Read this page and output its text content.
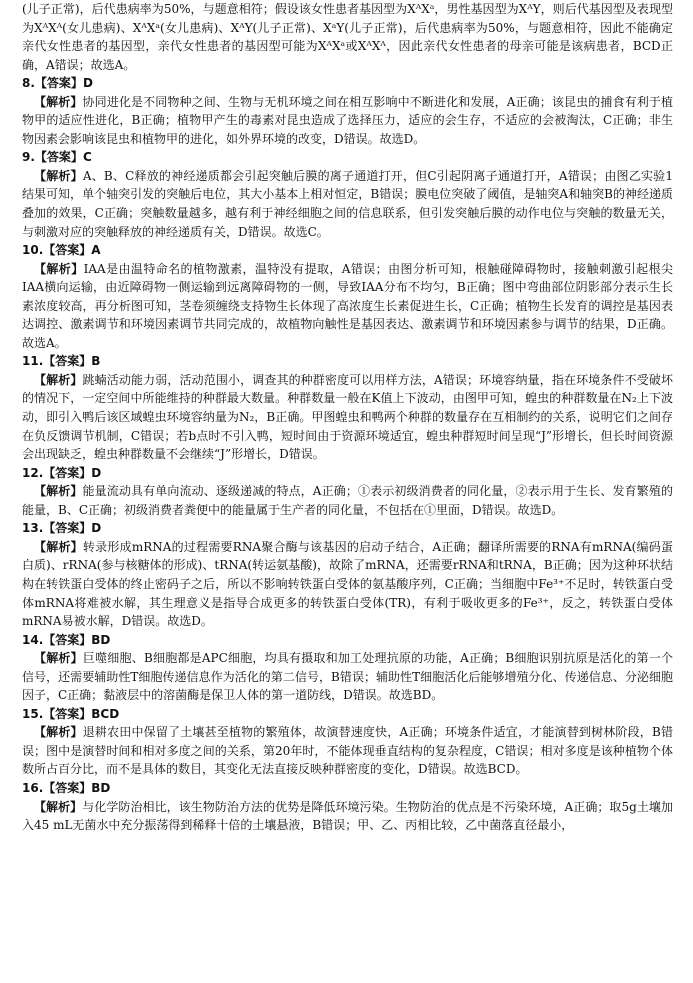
(儿子正常)，后代患病率为50%，与题意相符；假设该女性患者基因型为XᴬXᵃ，男性基因型为XᴬY，则后代基因型及表现型为XᴬXᴬ(女儿患病)、XᴬXᵃ(女儿患病)、XᴬY(儿子正常)、XᵃY(儿子正常)，后代患病率为50%，与题意相符，因此不能确定亲代女性患者的基因型，亲代女性患者的基因型可能为XᴬXᵃ或XᴬXᴬ，因此亲代女性患者的母亲可能是该病患者，BCD正确，A错误；故选A。

8.【答案】D

【解析】协同进化是不同物种之间、生物与无机环境之间在相互影响中不断进化和发展，A正确；该昆虫的捕食有利于植物甲的适应性进化，B正确；植物甲产生的毒素对昆虫造成了选择压力，适应的会生存，不适应的会被淘汰，C正确；非生物因素会影响该昆虫和植物甲的进化，如外界环境的改变，D错误。故选D。

9.【答案】C

【解析】A、B、C释放的神经递质都会引起突触后膜的离子通道打开，但C引起阴离子通道打开，A错误；由图乙实验1结果可知，单个轴突引发的突触后电位，其大小基本上相对恒定，B错误；膜电位突破了阈值，是轴突A和轴突B的神经递质叠加的效果，C正确；突触数量越多，越有利于神经细胞之间的信息联系，但引发突触后膜的动作电位与突触的数量无关，与刺激对应的突触释放的神经递质有关，D错误。故选C。

10.【答案】A

【解析】IAA是由温特命名的植物激素，温特没有提取，A错误；由图分析可知，根触碰障碍物时，接触刺激引起根尖IAA横向运输，由近障碍物一侧运输到远离障碍物的一侧，导致IAA分布不均匀，B正确；图中弯曲部位阴影部分表示生长素浓度较高，再分析图可知，茎卷须缠绕支持物生长体现了高浓度生长素促进生长，C正确；植物生长发育的调控是基因表达调控、激素调节和环境因素调节共同完成的，故植物向触性是基因表达、激素调节和环境因素参与调节的结果，D正确。故选A。

11.【答案】B

【解析】跳蝻活动能力弱，活动范围小，调查其的种群密度可以用样方法，A错误；环境容纳量，指在环境条件不受破坏的情况下，一定空间中所能维持的种群最大数量。种群数量一般在K值上下波动，由图甲可知，蝗虫的种群数量在N₂上下波动，即引入鸭后该区域蝗虫环境容纳量为N₂，B正确。甲图蝗虫和鸭两个种群的数量存在互相制约的关系，说明它们之间存在负反馈调节机制，C错误；若b点时不引入鸭，短时间由于资源环境适宜，蝗虫种群短时间呈现“J”形增长，但长时间资源会出现缺乏，蝗虫种群数量不会继续“J”形增长，D错误。

12.【答案】D

【解析】能量流动具有单向流动、逐级递减的特点，A正确；①表示初级消费者的同化量，②表示用于生长、发育繁殖的能量，B、C正确；初级消费者粪便中的能量属于生产者的同化量，不包括在①里面，D错误。故选D。

13.【答案】D

【解析】转录形成mRNA的过程需要RNA聚合酶与该基因的启动子结合，A正确；翻译所需要的RNA有mRNA(编码蛋白质)、rRNA(参与核糖体的形成)、tRNA(转运氨基酸)，故除了mRNA，还需要rRNA和tRNA，B正确；因为这种环状结构在转铁蛋白受体的终止密码子之后，所以不影响转铁蛋白受体的氨基酸序列，C正确；当细胞中Fe³⁺不足时，转铁蛋白受体mRNA将难被水解，其生理意义是指导合成更多的转铁蛋白受体(TR)，有利于吸收更多的Fe³⁺，反之，转铁蛋白受体mRNA易被水解，D错误。故选D。

14.【答案】BD

【解析】巨噬细胞、B细胞都是APC细胞，均具有摄取和加工处理抗原的功能，A正确；B细胞识别抗原是活化的第一个信号，还需要辅助性T细胞传递信息作为活化的第二信号，B错误；辅助性T细胞活化后能够增殖分化、传递信息、分泌细胞因子，C正确；黏液层中的溶菌酶是保卫人体的第一道防线，D错误。故选BD。

15.【答案】BCD

【解析】退耕农田中保留了土壤甚至植物的繁殖体，故演替速度快，A正确；环境条件适宜，才能演替到树林阶段，B错误；图中是演替时间和相对多度之间的关系，第20年时，不能体现垂直结构的复杂程度，C错误；相对多度是该种植物个体数所占百分比，而不是具体的数目，其变化无法直接反映种群密度的变化，D错误。故选BCD。

16.【答案】BD

【解析】与化学防治相比，该生物防治方法的优势是降低环境污染。生物防治的优点是不污染环境，A正确；取5g土壤加入45 mL无菌水中充分振荡得到稀释十倍的土壤悬液，B错误；甲、乙、丙相比较，乙中菌落直径最小，
